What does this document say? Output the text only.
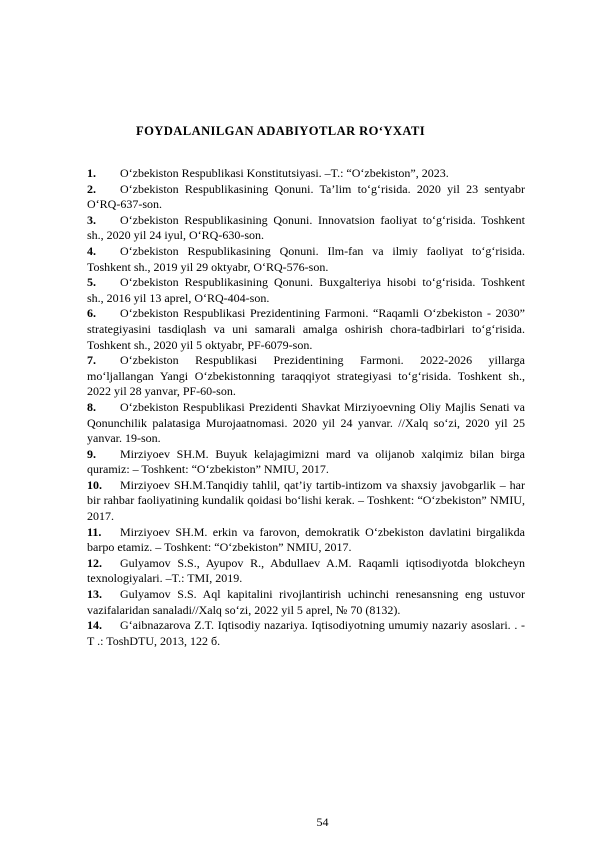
FOYDALANILGAN ADABIYOTLAR RO‘YXATI
1. O‘zbekiston Respublikasi Konstitutsiyasi. –T.: “O‘zbekiston”, 2023.
2. O‘zbekiston Respublikasining Qonuni. Ta’lim to‘g‘risida. 2020 yil 23 sentyabr O‘RQ-637-son.
3. O‘zbekiston Respublikasining Qonuni. Innovatsion faoliyat to‘g‘risida. Toshkent sh., 2020 yil 24 iyul, O‘RQ-630-son.
4. O‘zbekiston Respublikasining Qonuni. Ilm-fan va ilmiy faoliyat to‘g‘risida. Toshkent sh., 2019 yil 29 oktyabr, O‘RQ-576-son.
5. O‘zbekiston Respublikasining Qonuni. Buxgalteriya hisobi to‘g‘risida. Toshkent sh., 2016 yil 13 aprel, O‘RQ-404-son.
6. O‘zbekiston Respublikasi Prezidentining Farmoni. “Raqamli O‘zbekiston - 2030” strategiyasini tasdiqlash va uni samarali amalga oshirish chora-tadbirlari to‘g‘risida. Toshkent sh., 2020 yil 5 oktyabr, PF-6079-son.
7. O‘zbekiston Respublikasi Prezidentining Farmoni. 2022-2026 yillarga mo‘ljallangan Yangi O‘zbekistonning taraqqiyot strategiyasi to‘g‘risida. Toshkent sh., 2022 yil 28 yanvar, PF-60-son.
8. O‘zbekiston Respublikasi Prezidenti Shavkat Mirziyoevning Oliy Majlis Senati va Qonunchilik palatasiga Murojaatnomasi. 2020 yil 24 yanvar. //Xalq so‘zi, 2020 yil 25 yanvar. 19-son.
9. Mirziyoev SH.M. Buyuk kelajagimizni mard va olijanob xalqimiz bilan birga quramiz: – Toshkent: “O‘zbekiston” NMIU, 2017.
10. Mirziyoev SH.M.Tanqidiy tahlil, qat’iy tartib-intizom va shaxsiy javobgarlik – har bir rahbar faoliyatining kundalik qoidasi bo‘lishi kerak. – Toshkent: “O‘zbekiston” NMIU, 2017.
11. Mirziyoev SH.M. erkin va farovon, demokratik O‘zbekiston davlatini birgalikda barpo etamiz. – Toshkent: “O‘zbekiston” NMIU, 2017.
12. Gulyamov S.S., Ayupov R., Abdullaev A.M. Raqamli iqtisodiyotda blokcheyn texnologiyalari. –T.: TMI, 2019.
13. Gulyamov S.S. Aql kapitalini rivojlantirish uchinchi renesansning eng ustuvor vazifalaridan sanaladi//Xalq so‘zi, 2022 yil 5 aprel, № 70 (8132).
14. G‘aibnazarova Z.T. Iqtisodiy nazariya. Iqtisodiyotning umumiy nazariy asoslari. . - T .: ToshDTU, 2013, 122 б.
54
